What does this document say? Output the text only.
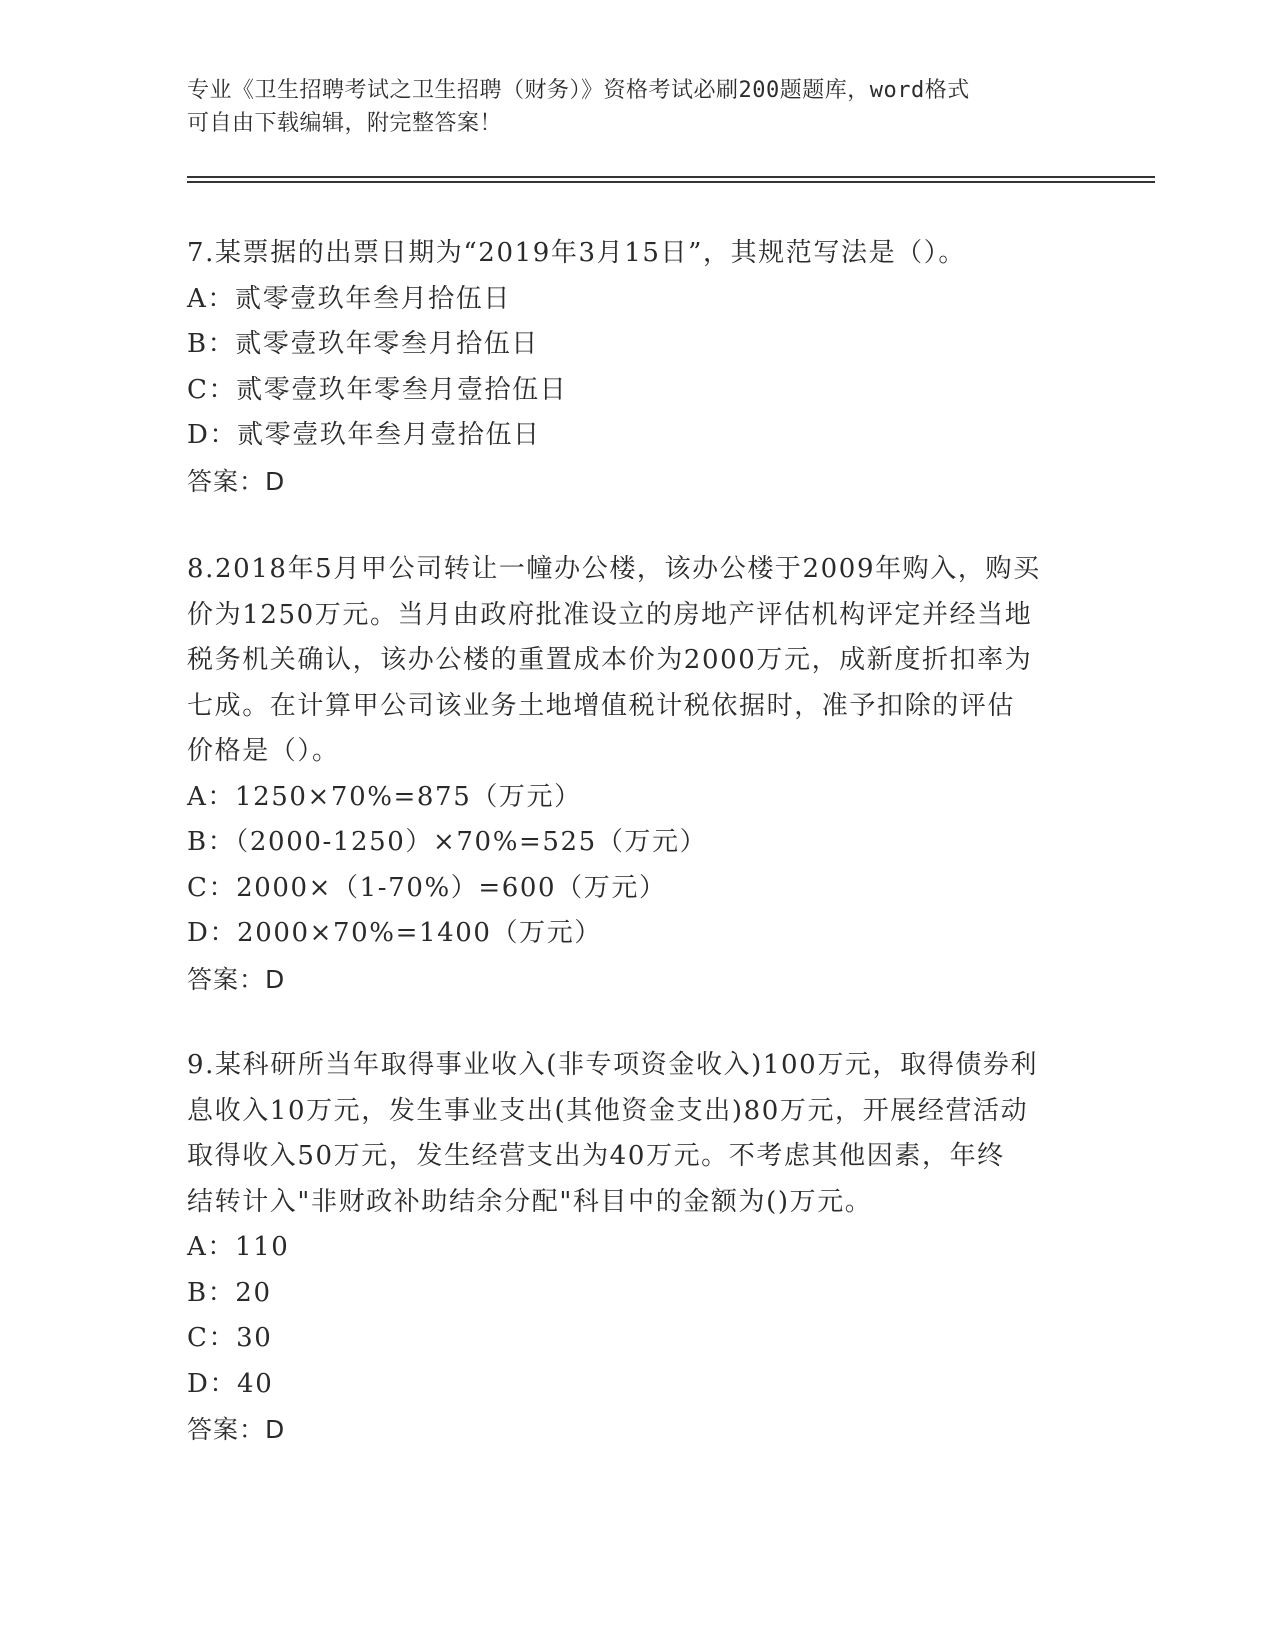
专业《卫生招聘考试之卫生招聘（财务）》资格考试必刷200题题库，word格式
可自由下载编辑，附完整答案！

7.某票据的出票日期为“2019年3月15日”，其规范写法是（）。

A：贰零壹玖年叁月拾伍日

B：贰零壹玖年零叁月拾伍日

C：贰零壹玖年零叁月壹拾伍日

D：贰零壹玖年叁月壹拾伍日

答案：D

8.2018年5月甲公司转让一幢办公楼，该办公楼于2009年购入，购买

价为1250万元。当月由政府批准设立的房地产评估机构评定并经当地

税务机关确认，该办公楼的重置成本价为2000万元，成新度折扣率为

七成。在计算甲公司该业务土地增值税计税依据时，准予扣除的评估

价格是（）。

A：1250×70%=875（万元）

B：（2000-1250）×70%=525（万元）

C：2000×（1-70%）=600（万元）

D：2000×70%=1400（万元）

答案：D

9.某科研所当年取得事业收入(非专项资金收入)100万元，取得债券利

息收入10万元，发生事业支出(其他资金支出)80万元，开展经营活动

取得收入50万元，发生经营支出为40万元。不考虑其他因素，年终

结转计入"非财政补助结余分配"科目中的金额为()万元。

A：110

B：20

C：30

D：40

答案：D
